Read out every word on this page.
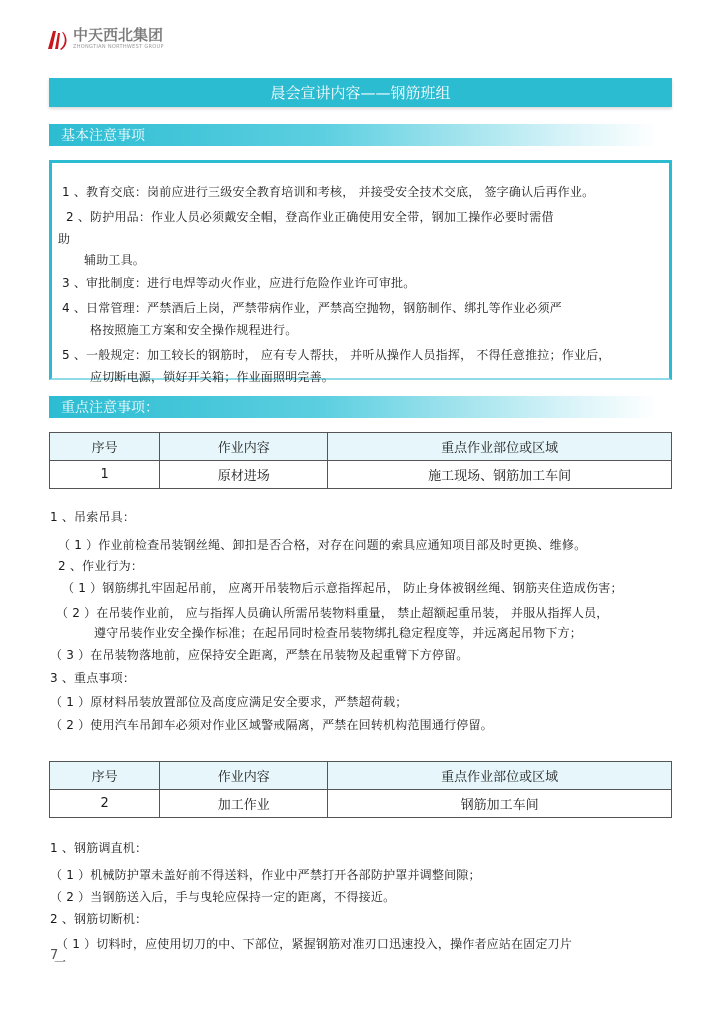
中天西北集团
ZHONGTIAN NORTHWEST GROUP
晨会宣讲内容——钢筋班组
基本注意事项
1 、教育交底：岗前应进行三级安全教育培训和考核， 并接受安全技术交底， 签字确认后再作业。
2 、防护用品：作业人员必须戴安全帽，登高作业正确使用安全带，钢加工操作必要时需借
助
辅助工具。
3 、审批制度：进行电焊等动火作业，应进行危险作业许可审批。
4 、日常管理：严禁酒后上岗，严禁带病作业，严禁高空抛物，钢筋制作、绑扎等作业必须严
格按照施工方案和安全操作规程进行。
5 、一般规定：加工较长的钢筋时， 应有专人帮扶， 并听从操作人员指挥， 不得任意推拉；作业后，
应切断电源，锁好开关箱；作业面照明完善。
重点注意事项：
序号	作业内容	重点作业部位或区域
1	原材进场	施工现场、钢筋加工车间
1 、吊索吊具：
（ 1 ）作业前检查吊装钢丝绳、卸扣是否合格，对存在问题的索具应通知项目部及时更换、维修。
2 、作业行为：
（ 1 ）钢筋绑扎牢固起吊前， 应离开吊装物后示意指挥起吊， 防止身体被钢丝绳、钢筋夹住造成伤害；
（ 2 ）在吊装作业前， 应与指挥人员确认所需吊装物料重量， 禁止超额起重吊装， 并服从指挥人员，
遵守吊装作业安全操作标准；在起吊同时检查吊装物绑扎稳定程度等，并远离起吊物下方；
（ 3 ）在吊装物落地前，应保持安全距离，严禁在吊装物及起重臂下方停留。
3 、重点事项：
（ 1 ）原材料吊装放置部位及高度应满足安全要求，严禁超荷载；
（ 2 ）使用汽车吊卸车必须对作业区域警戒隔离，严禁在回转机构范围通行停留。
序号	作业内容	重点作业部位或区域
2	加工作业	钢筋加工车间
1 、钢筋调直机：
（ 1 ）机械防护罩未盖好前不得送料，作业中严禁打开各部防护罩并调整间隙；
（ 2 ）当钢筋送入后，手与曳轮应保持一定的距离，不得接近。
2 、钢筋切断机：
（ 1 ）切料时，应使用切刀的中、下部位，紧握钢筋对准刃口迅速投入，操作者应站在固定刀片
一
7
